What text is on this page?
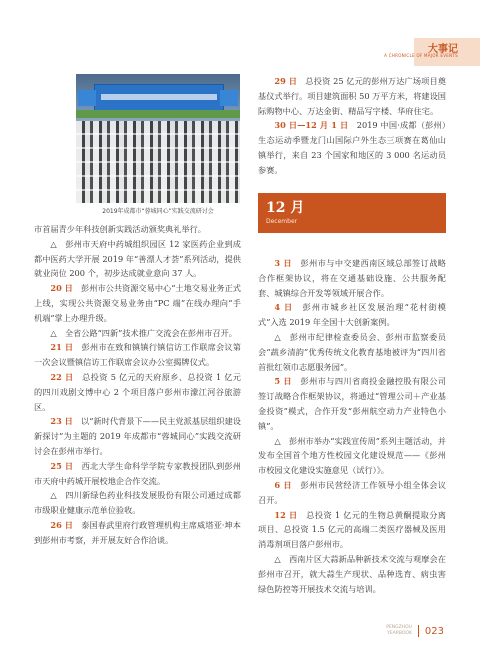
大事记
A CHRONICLE OF MAJOR EVENTS
2019年成都市“蓉城同心”实践交流研讨会

市首届青少年科技创新实践活动颁奖典礼举行。

△　彭州市天府中药城组织园区 12 家医药企业到成都中医药大学开展 2019 年“善漂人才荟”系列活动，提供就业岗位 200 个，初步达成就业意向 37 人。

20 日　 彭州市公共资源交易中心“土地交易业务正式上线，实现公共资源交易业务由“PC 端”在线办理向“手机端”掌上办理升级。

△　全省公路“四新”技术推广交流会在彭州市召开。

21 日　 彭州市在致和镇镇行镇信访工作联席会议第一次会议暨镇信访工作联席会议办公室揭牌仪式。

22 日　 总投资 5 亿元的天府原乡、总投资 1 亿元的四川戏剧文博中心 2 个项目落户彭州市濛江河谷旅游区。

23 日　 以“新时代背景下——民主党派基层组织建设新探讨”为主题的 2019 年成都市“蓉城同心”实践交流研讨会在彭州市举行。

25 日　 西北大学生命科学学院专家教授团队到彭州市天府中药城开展校地企合作交流。

△　四川新绿色药业科技发展股份有限公司通过成都市级职业健康示范单位验收。

26 日　 泰国春武里府行政管理机构主席威塔亚·坤本到彭州市考察，并开展友好合作洽谈。

29 日　 总投资 25 亿元的彭州万达广场项目奠基仪式举行。项目建筑面积 50 万平方米，将建设国际购物中心、万达金街、精品写字楼、华府住宅。

30 日—12 月 1 日　 2019 中国·成都（彭州）生态运动季暨龙门山国际户外生态三项赛在葛仙山镇举行，来自 23 个国家和地区的 3 000 名运动员参赛。

12 月
December

3 日　 彭州市与中交建西南区域总部签订战略合作框架协议，将在交通基础设施、公共服务配套、城镇综合开发等领域开展合作。

4 日　 彭州市城乡社区发展治理“花村街模式”入选 2019 年全国十大创新案例。

△　彭州市纪律检查委员会、彭州市监察委员会“蔬乡清韵”优秀传统文化教育基地被评为“四川省首批红领巾志愿服务园”。

5 日　 彭州市与四川省商投金融控股有限公司签订战略合作框架协议，将通过“管理公司＋产业基金投资”模式，合作开发“彭州航空动力产业特色小镇”。

△　彭州市举办“实践宣传周”系列主题活动，并发布全国首个地方性校园文化建设规范——《彭州市校园文化建设实施意见（试行）》。

6 日　 彭州市民营经济工作领导小组全体会议召开。

12 日　 总投资 1 亿元的生物总黄酮提取分离项目、总投资 1.5 亿元的高端二类医疗器械及医用消毒剂项目落户彭州市。

△　西南片区大蒜新品种新技术交流与观摩会在彭州市召开，就大蒜生产现状、品种选育、病虫害绿色防控等开展技术交流与培训。

PENGZHOU
YEARBOOK 023
